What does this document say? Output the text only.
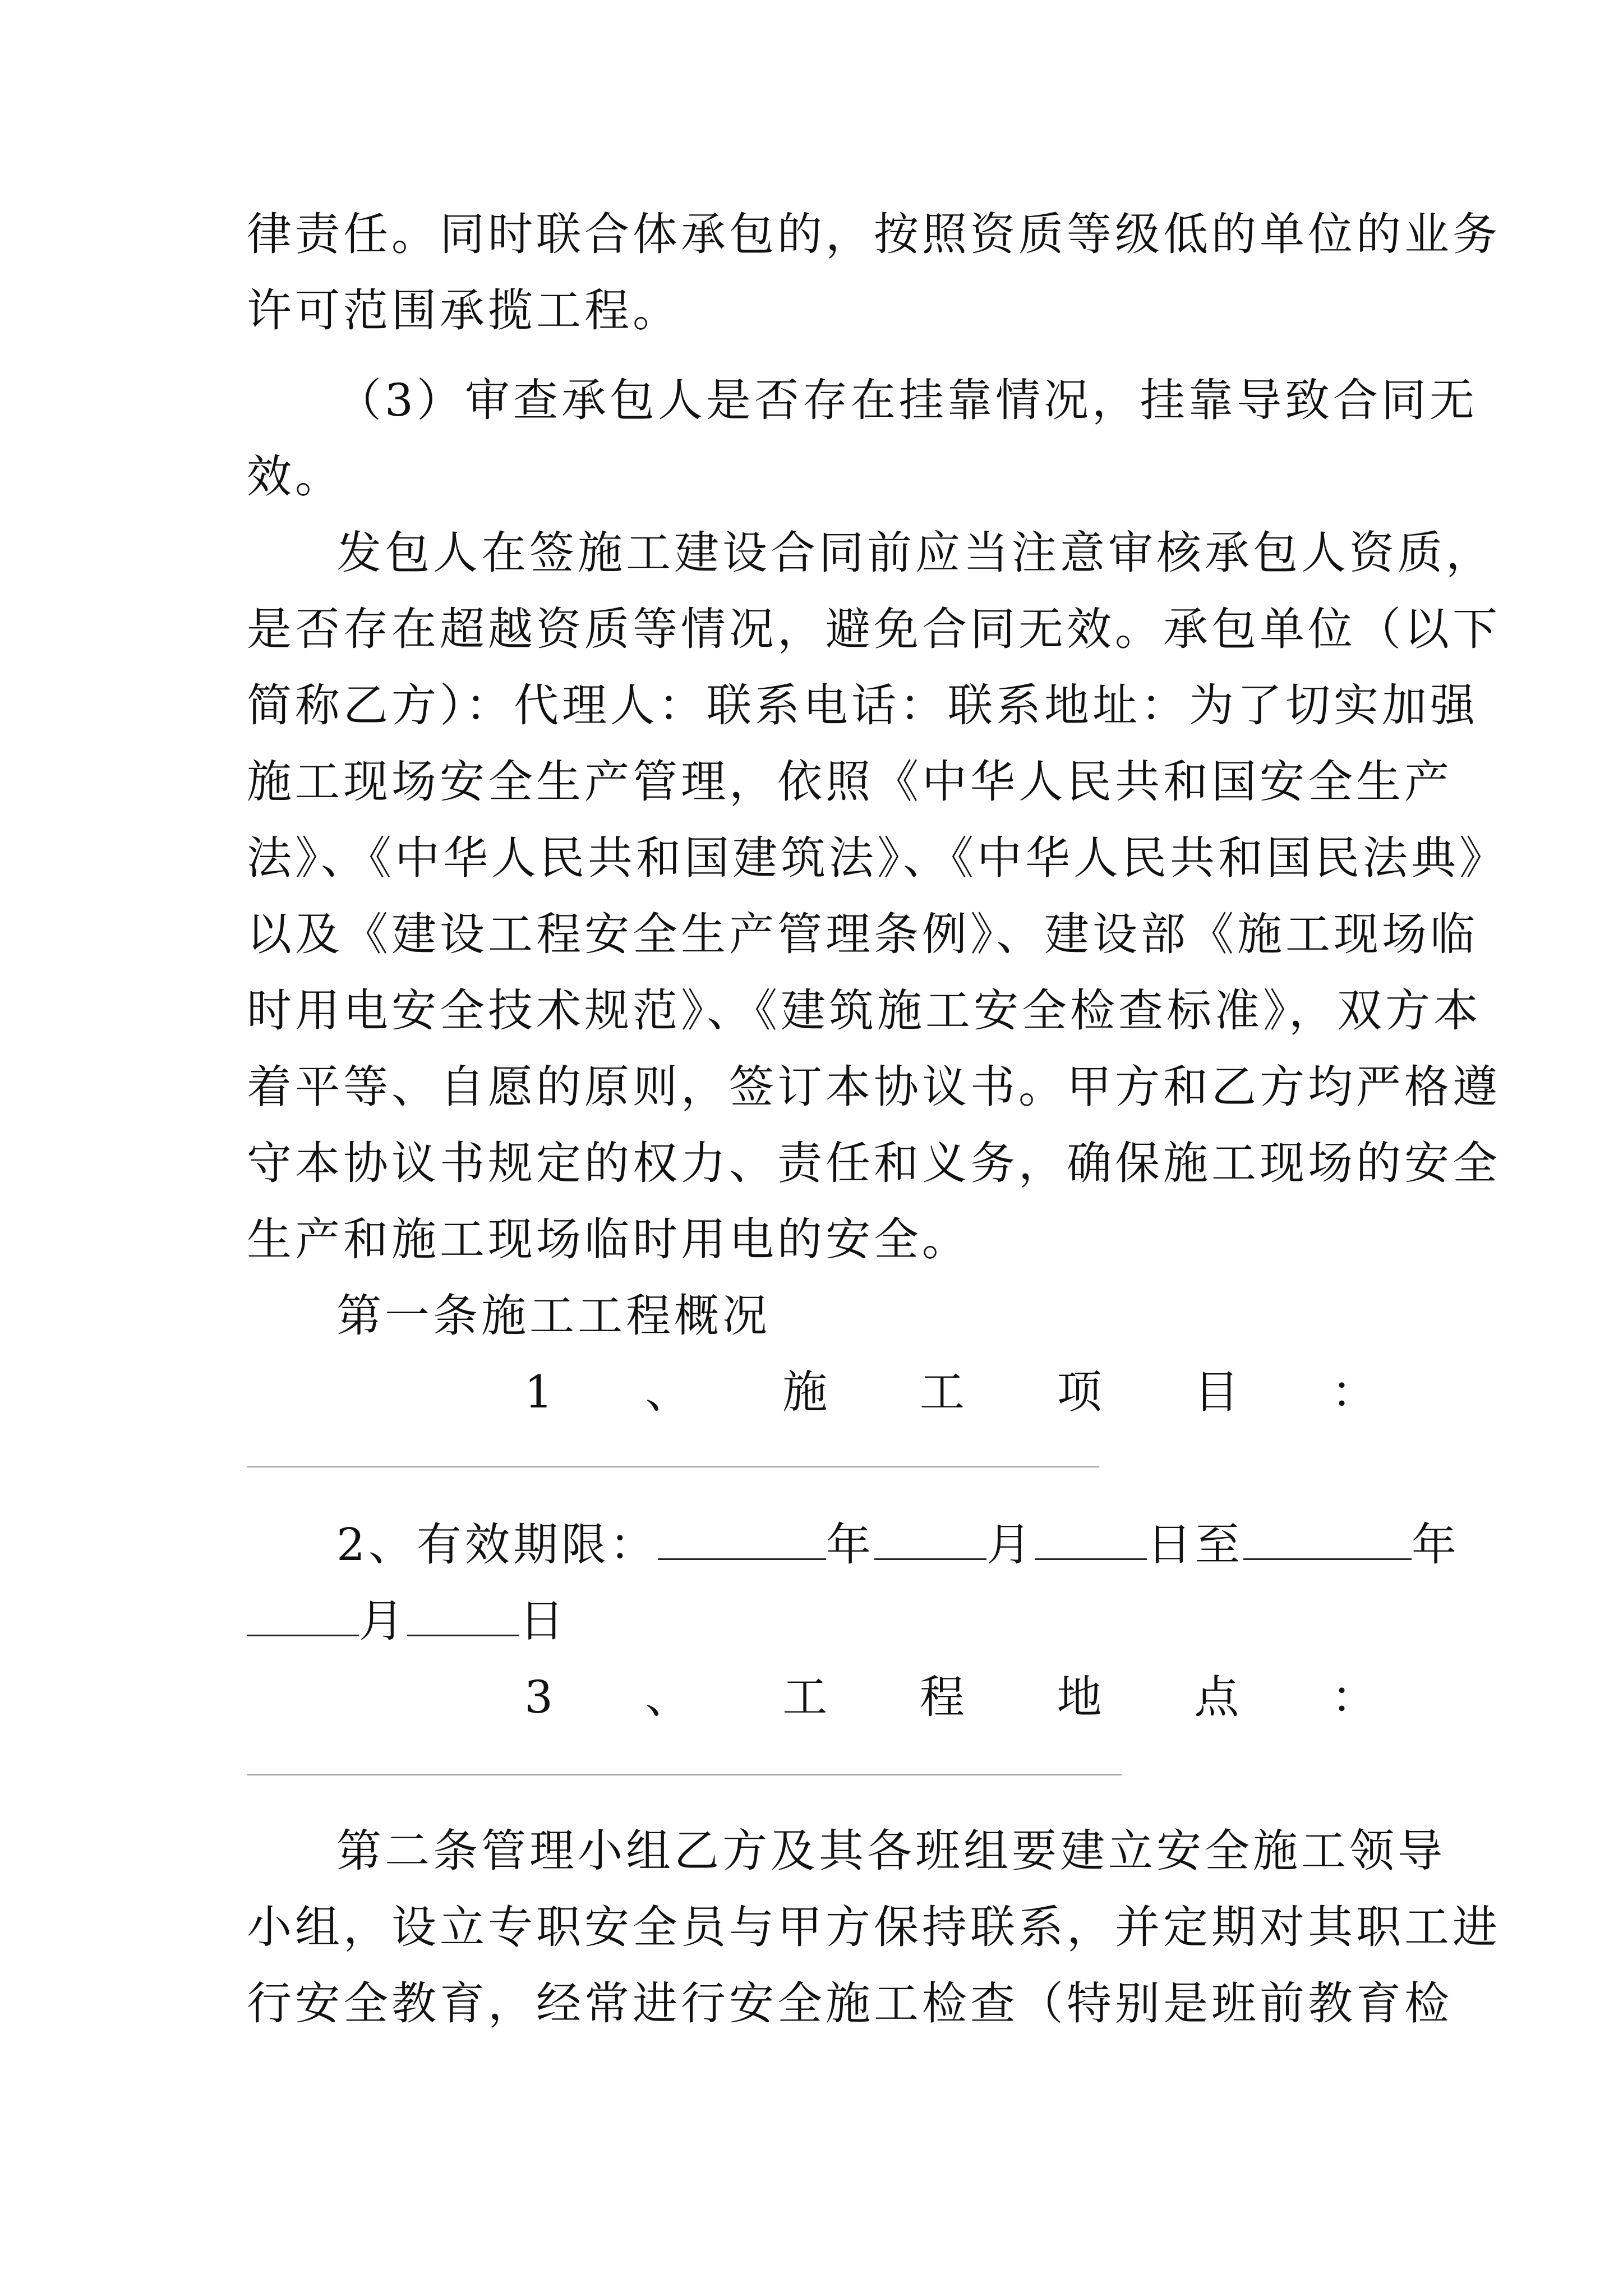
律责任。同时联合体承包的，按照资质等级低的单位的业务

许可范围承揽工程。

（3）审查承包人是否存在挂靠情况，挂靠导致合同无

效。

发包人在签施工建设合同前应当注意审核承包人资质，

是否存在超越资质等情况，避免合同无效。承包单位（以下

简称乙方）：代理人：联系电话：联系地址：为了切实加强

施工现场安全生产管理，依照《中华人民共和国安全生产

法》、《中华人民共和国建筑法》、《中华人民共和国民法典》

以及《建设工程安全生产管理条例》、建设部《施工现场临

时用电安全技术规范》、《建筑施工安全检查标准》，双方本

着平等、自愿的原则，签订本协议书。甲方和乙方均严格遵

守本协议书规定的权力、责任和义务，确保施工现场的安全

生产和施工现场临时用电的安全。

第一条施工工程概况

1 、 施 工 项 目 ：

2、有效期限：	年	月	日至	年

月	日

3 、 工 程 地 点 ：

第二条管理小组乙方及其各班组要建立安全施工领导

小组，设立专职安全员与甲方保持联系，并定期对其职工进

行安全教育，经常进行安全施工检查（特别是班前教育检
